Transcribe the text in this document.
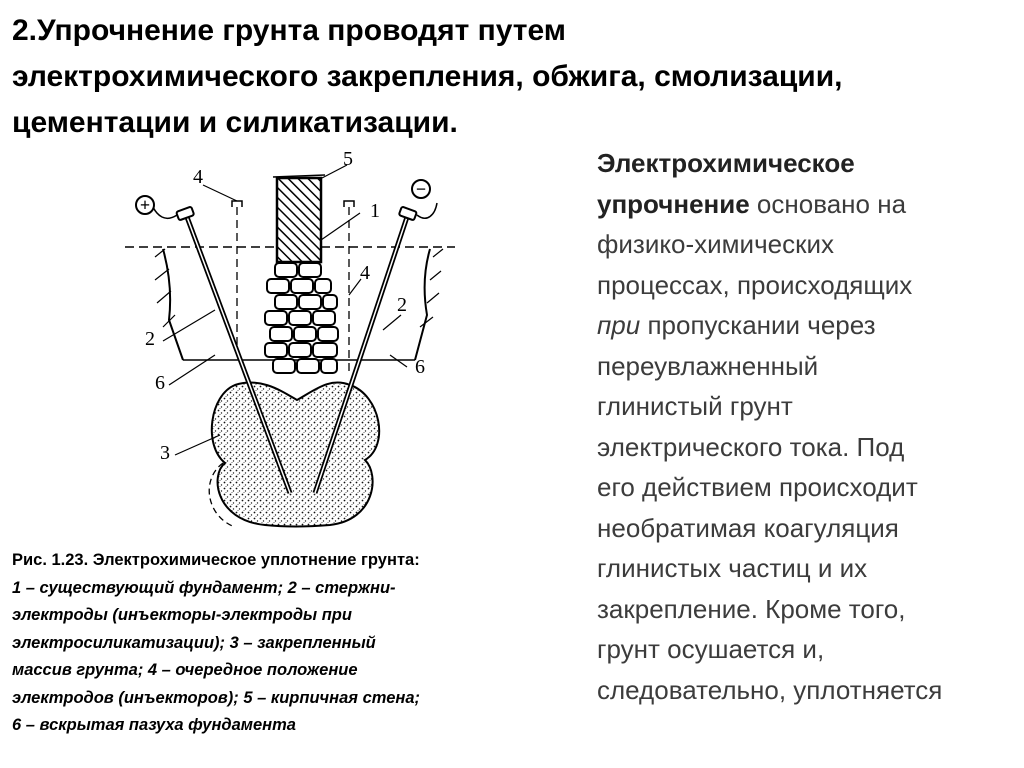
2.Упрочнение грунта проводят путем
электрохимического закрепления, обжига, смолизации,
цементации и силикатизации.
+
−
5
4
1
4
2
2
6
6
3
Рис. 1.23. Электрохимическое уплотнение грунта:
1 – существующий фундамент; 2 – стержни-
электроды (инъекторы-электроды при
электросиликатизации); 3 – закрепленный
массив грунта; 4 – очередное положение
электродов (инъекторов); 5 – кирпичная стена;
6 – вскрытая пазуха фундамента
Электрохимическое
упрочнение основано на
физико-химических
процессах, происходящих
при пропускании через
переувлажненный
глинистый грунт
электрического тока. Под
его действием происходит
необратимая коагуляция
глинистых частиц и их
закрепление. Кроме того,
грунт осушается и,
следовательно, уплотняется
